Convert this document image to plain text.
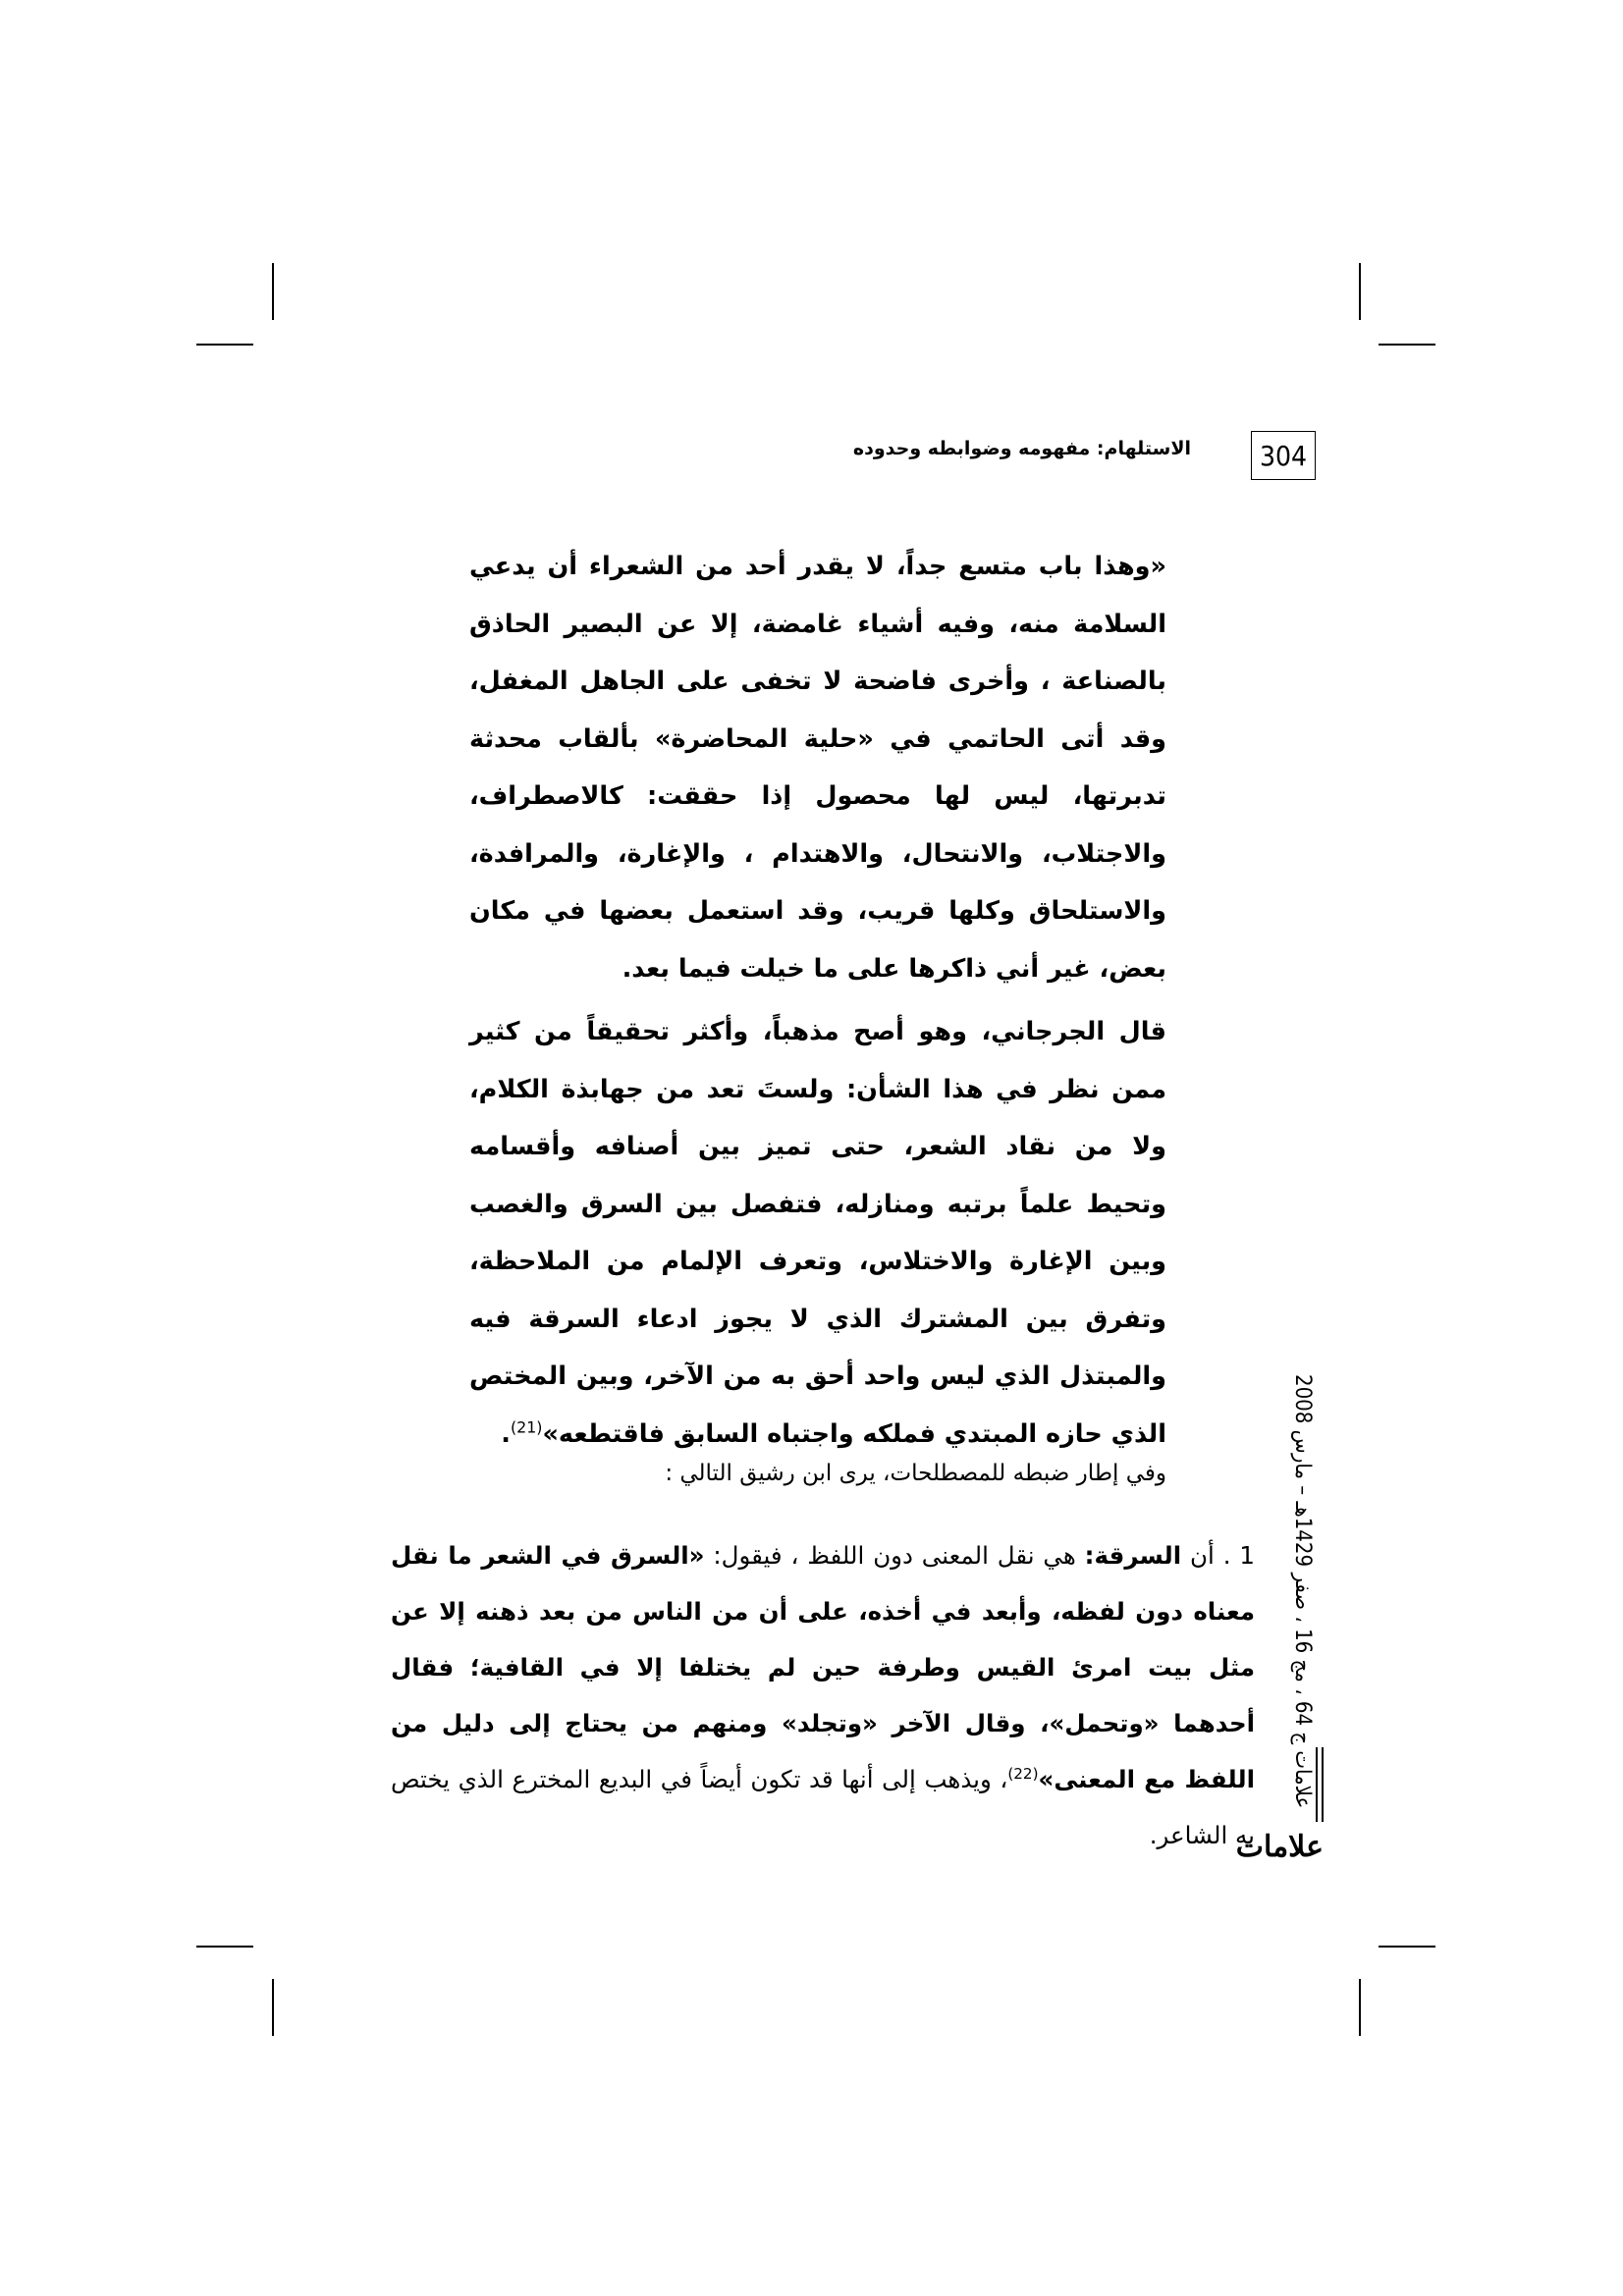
الاستلهام: مفهومه وضوابطه وحدوده	304
«وهذا باب متسع جداً، لا يقدر أحد من الشعراء أن يدعي السلامة منه، وفيه أشياء غامضة، إلا عن البصير الحاذق بالصناعة ، وأخرى فاضحة لا تخفى على الجاهل المغفل، وقد أتى الحاتمي في «حلية المحاضرة» بألقاب محدثة تدبرتها، ليس لها محصول إذا حققت: كالاصطراف، والاجتلاب، والانتحال، والاهتدام ، والإغارة، والمرافدة، والاستلحاق وكلها قريب، وقد استعمل بعضها في مكان بعض، غير أني ذاكرها على ما خيلت فيما بعد.
قال الجرجاني، وهو أصح مذهباً، وأكثر تحقيقاً من كثير ممن نظر في هذا الشأن: ولستَ تعد من جهابذة الكلام، ولا من نقاد الشعر، حتى تميز بين أصنافه وأقسامه وتحيط علماً برتبه ومنازله، فتفصل بين السرق والغصب وبين الإغارة والاختلاس، وتعرف الإلمام من الملاحظة، وتفرق بين المشترك الذي لا يجوز ادعاء السرقة فيه والمبتذل الذي ليس واحد أحق به من الآخر، وبين المختص الذي حازه المبتدي فملكه واجتباه السابق فاقتطعه»$^{(21)}$.
وفي إطار ضبطه للمصطلحات، يرى ابن رشيق التالي :
1 . أن السرقة: هي نقل المعنى دون اللفظ ، فيقول: «السرق في الشعر ما نقل معناه دون لفظه، وأبعد في أخذه، على أن من الناس من بعد ذهنه إلا عن مثل بيت امرئ القيس وطرفة حين لم يختلفا إلا في القافية؛ فقال أحدهما «وتحمل»، وقال الآخر «وتجلد» ومنهم من يحتاج إلى دليل من اللفظ مع المعنى»$^{(22)}$، ويذهب إلى أنها قد تكون أيضاً في البديع المخترع الذي يختص به الشاعر.
علامات ج 64 ، مج 16 ، صفر 1429هـ – مارس 2008
علامات
